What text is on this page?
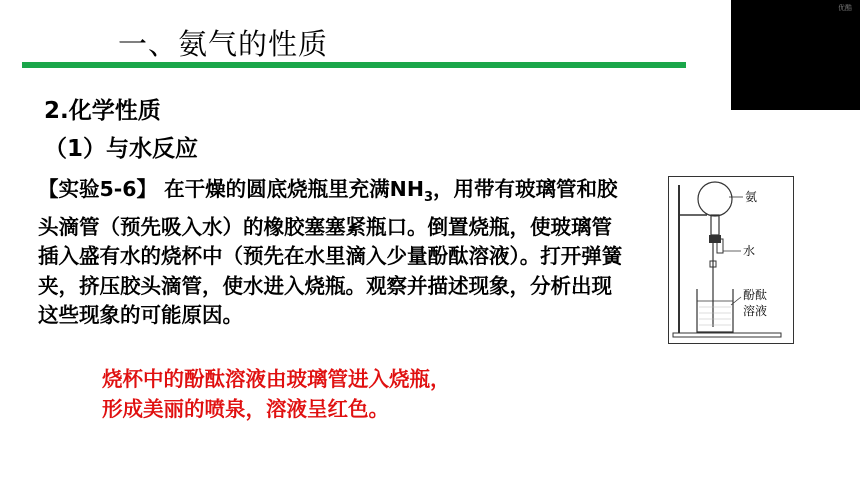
一、氨气的性质
优酷
2.化学性质
（1）与水反应
【实验5-6】 在干燥的圆底烧瓶里充满$NH_3$，用带有玻璃管和胶头滴管（预先吸入水）的橡胶塞塞紧瓶口。倒置烧瓶，使玻璃管插入盛有水的烧杯中（预先在水里滴入少量酚酞溶液）。打开弹簧夹，挤压胶头滴管，使水进入烧瓶。观察并描述现象，分析出现这些现象的可能原因。
烧杯中的酚酞溶液由玻璃管进入烧瓶，
形成美丽的喷泉，溶液呈红色。
氨
水
酚酞
溶液
